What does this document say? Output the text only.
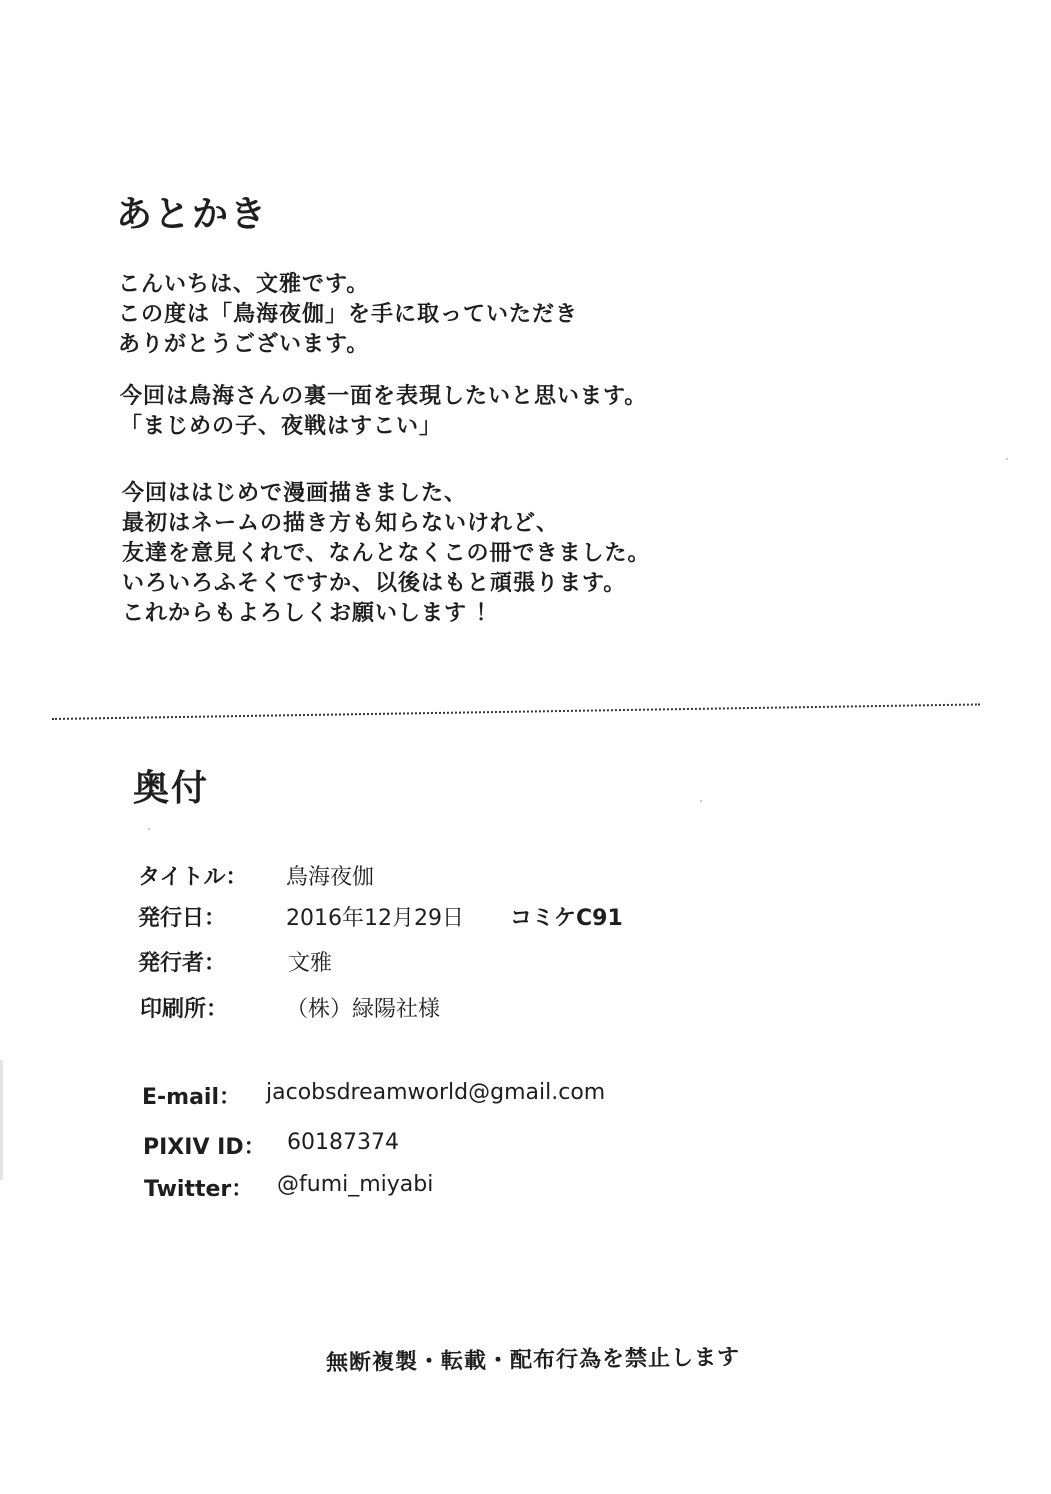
あとかき

こんいちは、文雅です。
この度は「鳥海夜伽」を手に取っていただき
ありがとうございます。

今回は鳥海さんの裏一面を表現したいと思います。
「まじめの子、夜戦はすこい」

今回ははじめで漫画描きました、
最初はネームの描き方も知らないけれど、
友達を意見くれで、なんとなくこの冊できました。
いろいろふそくですか、以後はもと頑張ります。
これからもよろしくお願いします ！

奥付
タイトル： 鳥海夜伽
発行日：	2016年12月29日 コミケC91
発行者：	文雅
印刷所：	（株）緑陽社様
E-mail： jacobsdreamworld@gmail.com
PIXIV ID： 60187374
Twitter： @fumi_miyabi
無断複製・転載・配布行為を禁止します
